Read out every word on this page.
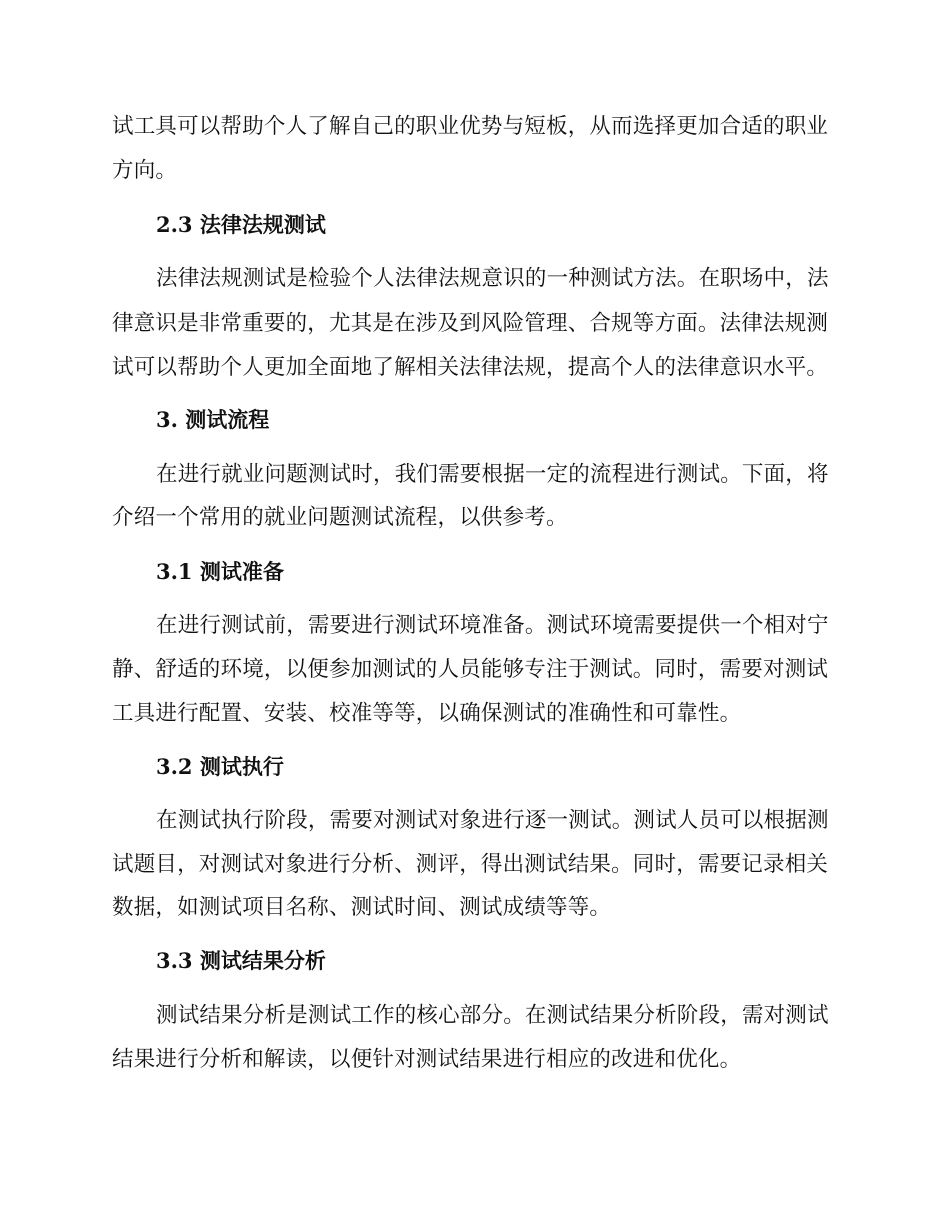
试工具可以帮助个人了解自己的职业优势与短板，从而选择更加合适的职业
方向。
2.3 法律法规测试
法律法规测试是检验个人法律法规意识的一种测试方法。在职场中，法
律意识是非常重要的，尤其是在涉及到风险管理、合规等方面。法律法规测
试可以帮助个人更加全面地了解相关法律法规，提高个人的法律意识水平。
3. 测试流程
在进行就业问题测试时，我们需要根据一定的流程进行测试。下面，将
介绍一个常用的就业问题测试流程，以供参考。
3.1 测试准备
在进行测试前，需要进行测试环境准备。测试环境需要提供一个相对宁
静、舒适的环境，以便参加测试的人员能够专注于测试。同时，需要对测试
工具进行配置、安装、校准等等，以确保测试的准确性和可靠性。
3.2 测试执行
在测试执行阶段，需要对测试对象进行逐一测试。测试人员可以根据测
试题目，对测试对象进行分析、测评，得出测试结果。同时，需要记录相关
数据，如测试项目名称、测试时间、测试成绩等等。
3.3 测试结果分析
测试结果分析是测试工作的核心部分。在测试结果分析阶段，需对测试
结果进行分析和解读，以便针对测试结果进行相应的改进和优化。
